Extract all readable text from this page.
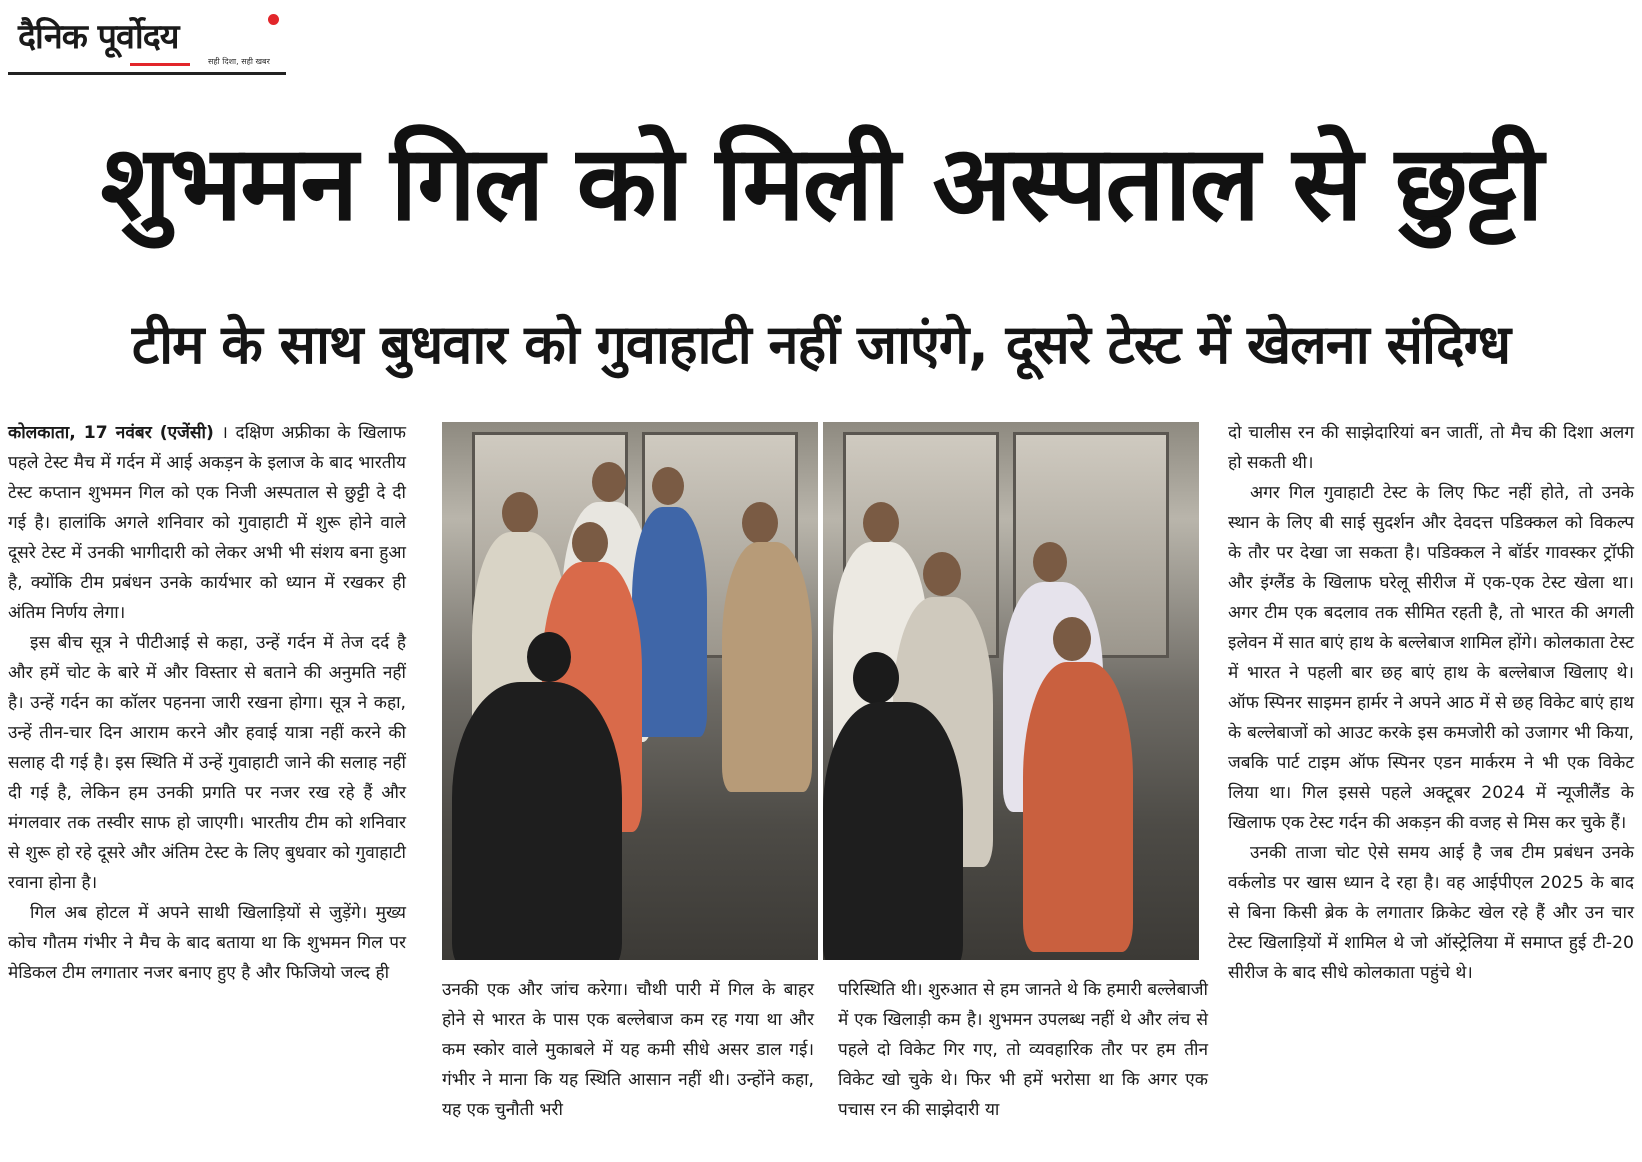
दैनिक पूर्वोदय
सही दिशा, सही खबर
शुभमन गिल को मिली अस्पताल से छुट्टी
टीम के साथ बुधवार को गुवाहाटी नहीं जाएंगे, दूसरे टेस्ट में खेलना संदिग्ध

कोलकाता, 17 नवंबर (एजेंसी) । दक्षिण अफ्रीका के खिलाफ पहले टेस्ट मैच में गर्दन में आई अकड़न के इलाज के बाद भारतीय टेस्ट कप्तान शुभमन गिल को एक निजी अस्पताल से छुट्टी दे दी गई है। हालांकि अगले शनिवार को गुवाहाटी में शुरू होने वाले दूसरे टेस्ट में उनकी भागीदारी को लेकर अभी भी संशय बना हुआ है, क्योंकि टीम प्रबंधन उनके कार्यभार को ध्यान में रखकर ही अंतिम निर्णय लेगा।

इस बीच सूत्र ने पीटीआई से कहा, उन्हें गर्दन में तेज दर्द है और हमें चोट के बारे में और विस्तार से बताने की अनुमति नहीं है। उन्हें गर्दन का कॉलर पहनना जारी रखना होगा। सूत्र ने कहा, उन्हें तीन-चार दिन आराम करने और हवाई यात्रा नहीं करने की सलाह दी गई है। इस स्थिति में उन्हें गुवाहाटी जाने की सलाह नहीं दी गई है, लेकिन हम उनकी प्रगति पर नजर रख रहे हैं और मंगलवार तक तस्वीर साफ हो जाएगी। भारतीय टीम को शनिवार से शुरू हो रहे दूसरे और अंतिम टेस्ट के लिए बुधवार को गुवाहाटी रवाना होना है।

गिल अब होटल में अपने साथी खिलाड़ियों से जुड़ेंगे। मुख्य कोच गौतम गंभीर ने मैच के बाद बताया था कि शुभमन गिल पर मेडिकल टीम लगातार नजर बनाए हुए है और फिजियो जल्द ही

उनकी एक और जांच करेगा। चौथी पारी में गिल के बाहर होने से भारत के पास एक बल्लेबाज कम रह गया था और कम स्कोर वाले मुकाबले में यह कमी सीधे असर डाल गई। गंभीर ने माना कि यह स्थिति आसान नहीं थी। उन्होंने कहा, यह एक चुनौती भरी

परिस्थिति थी। शुरुआत से हम जानते थे कि हमारी बल्लेबाजी में एक खिलाड़ी कम है। शुभमन उपलब्ध नहीं थे और लंच से पहले दो विकेट गिर गए, तो व्यवहारिक तौर पर हम तीन विकेट खो चुके थे। फिर भी हमें भरोसा था कि अगर एक पचास रन की साझेदारी या

दो चालीस रन की साझेदारियां बन जातीं, तो मैच की दिशा अलग हो सकती थी।

अगर गिल गुवाहाटी टेस्ट के लिए फिट नहीं होते, तो उनके स्थान के लिए बी साई सुदर्शन और देवदत्त पडिक्कल को विकल्प के तौर पर देखा जा सकता है। पडिक्कल ने बॉर्डर गावस्कर ट्रॉफी और इंग्लैंड के खिलाफ घरेलू सीरीज में एक-एक टेस्ट खेला था। अगर टीम एक बदलाव तक सीमित रहती है, तो भारत की अगली इलेवन में सात बाएं हाथ के बल्लेबाज शामिल होंगे। कोलकाता टेस्ट में भारत ने पहली बार छह बाएं हाथ के बल्लेबाज खिलाए थे। ऑफ स्पिनर साइमन हार्मर ने अपने आठ में से छह विकेट बाएं हाथ के बल्लेबाजों को आउट करके इस कमजोरी को उजागर भी किया, जबकि पार्ट टाइम ऑफ स्पिनर एडन मार्करम ने भी एक विकेट लिया था। गिल इससे पहले अक्टूबर 2024 में न्यूजीलैंड के खिलाफ एक टेस्ट गर्दन की अकड़न की वजह से मिस कर चुके हैं।

उनकी ताजा चोट ऐसे समय आई है जब टीम प्रबंधन उनके वर्कलोड पर खास ध्यान दे रहा है। वह आईपीएल 2025 के बाद से बिना किसी ब्रेक के लगातार क्रिकेट खेल रहे हैं और उन चार टेस्ट खिलाड़ियों में शामिल थे जो ऑस्ट्रेलिया में समाप्त हुई टी-20 सीरीज के बाद सीधे कोलकाता पहुंचे थे।
